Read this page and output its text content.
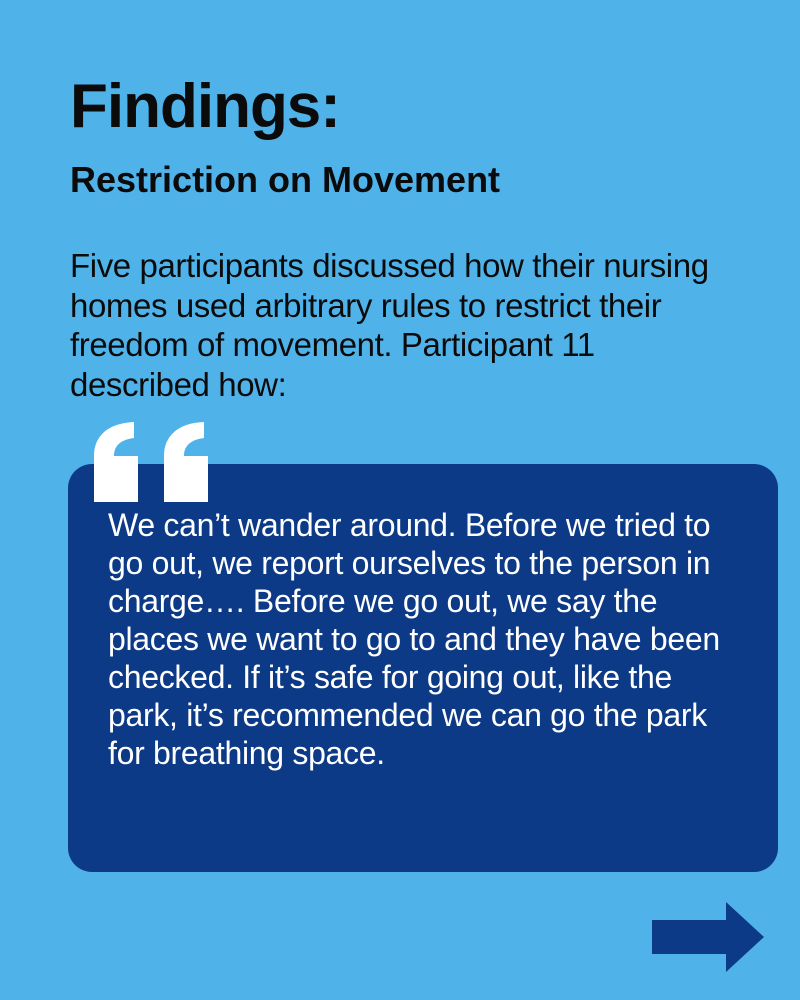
Findings:
Restriction on Movement

Five participants discussed how their nursing homes used arbitrary rules to restrict their freedom of movement. Participant 11 described how:

We can’t wander around. Before we tried to go out, we report ourselves to the person in charge…. Before we go out, we say the places we want to go to and they have been checked. If it’s safe for going out, like the park, it’s recommended we can go the park for breathing space.
